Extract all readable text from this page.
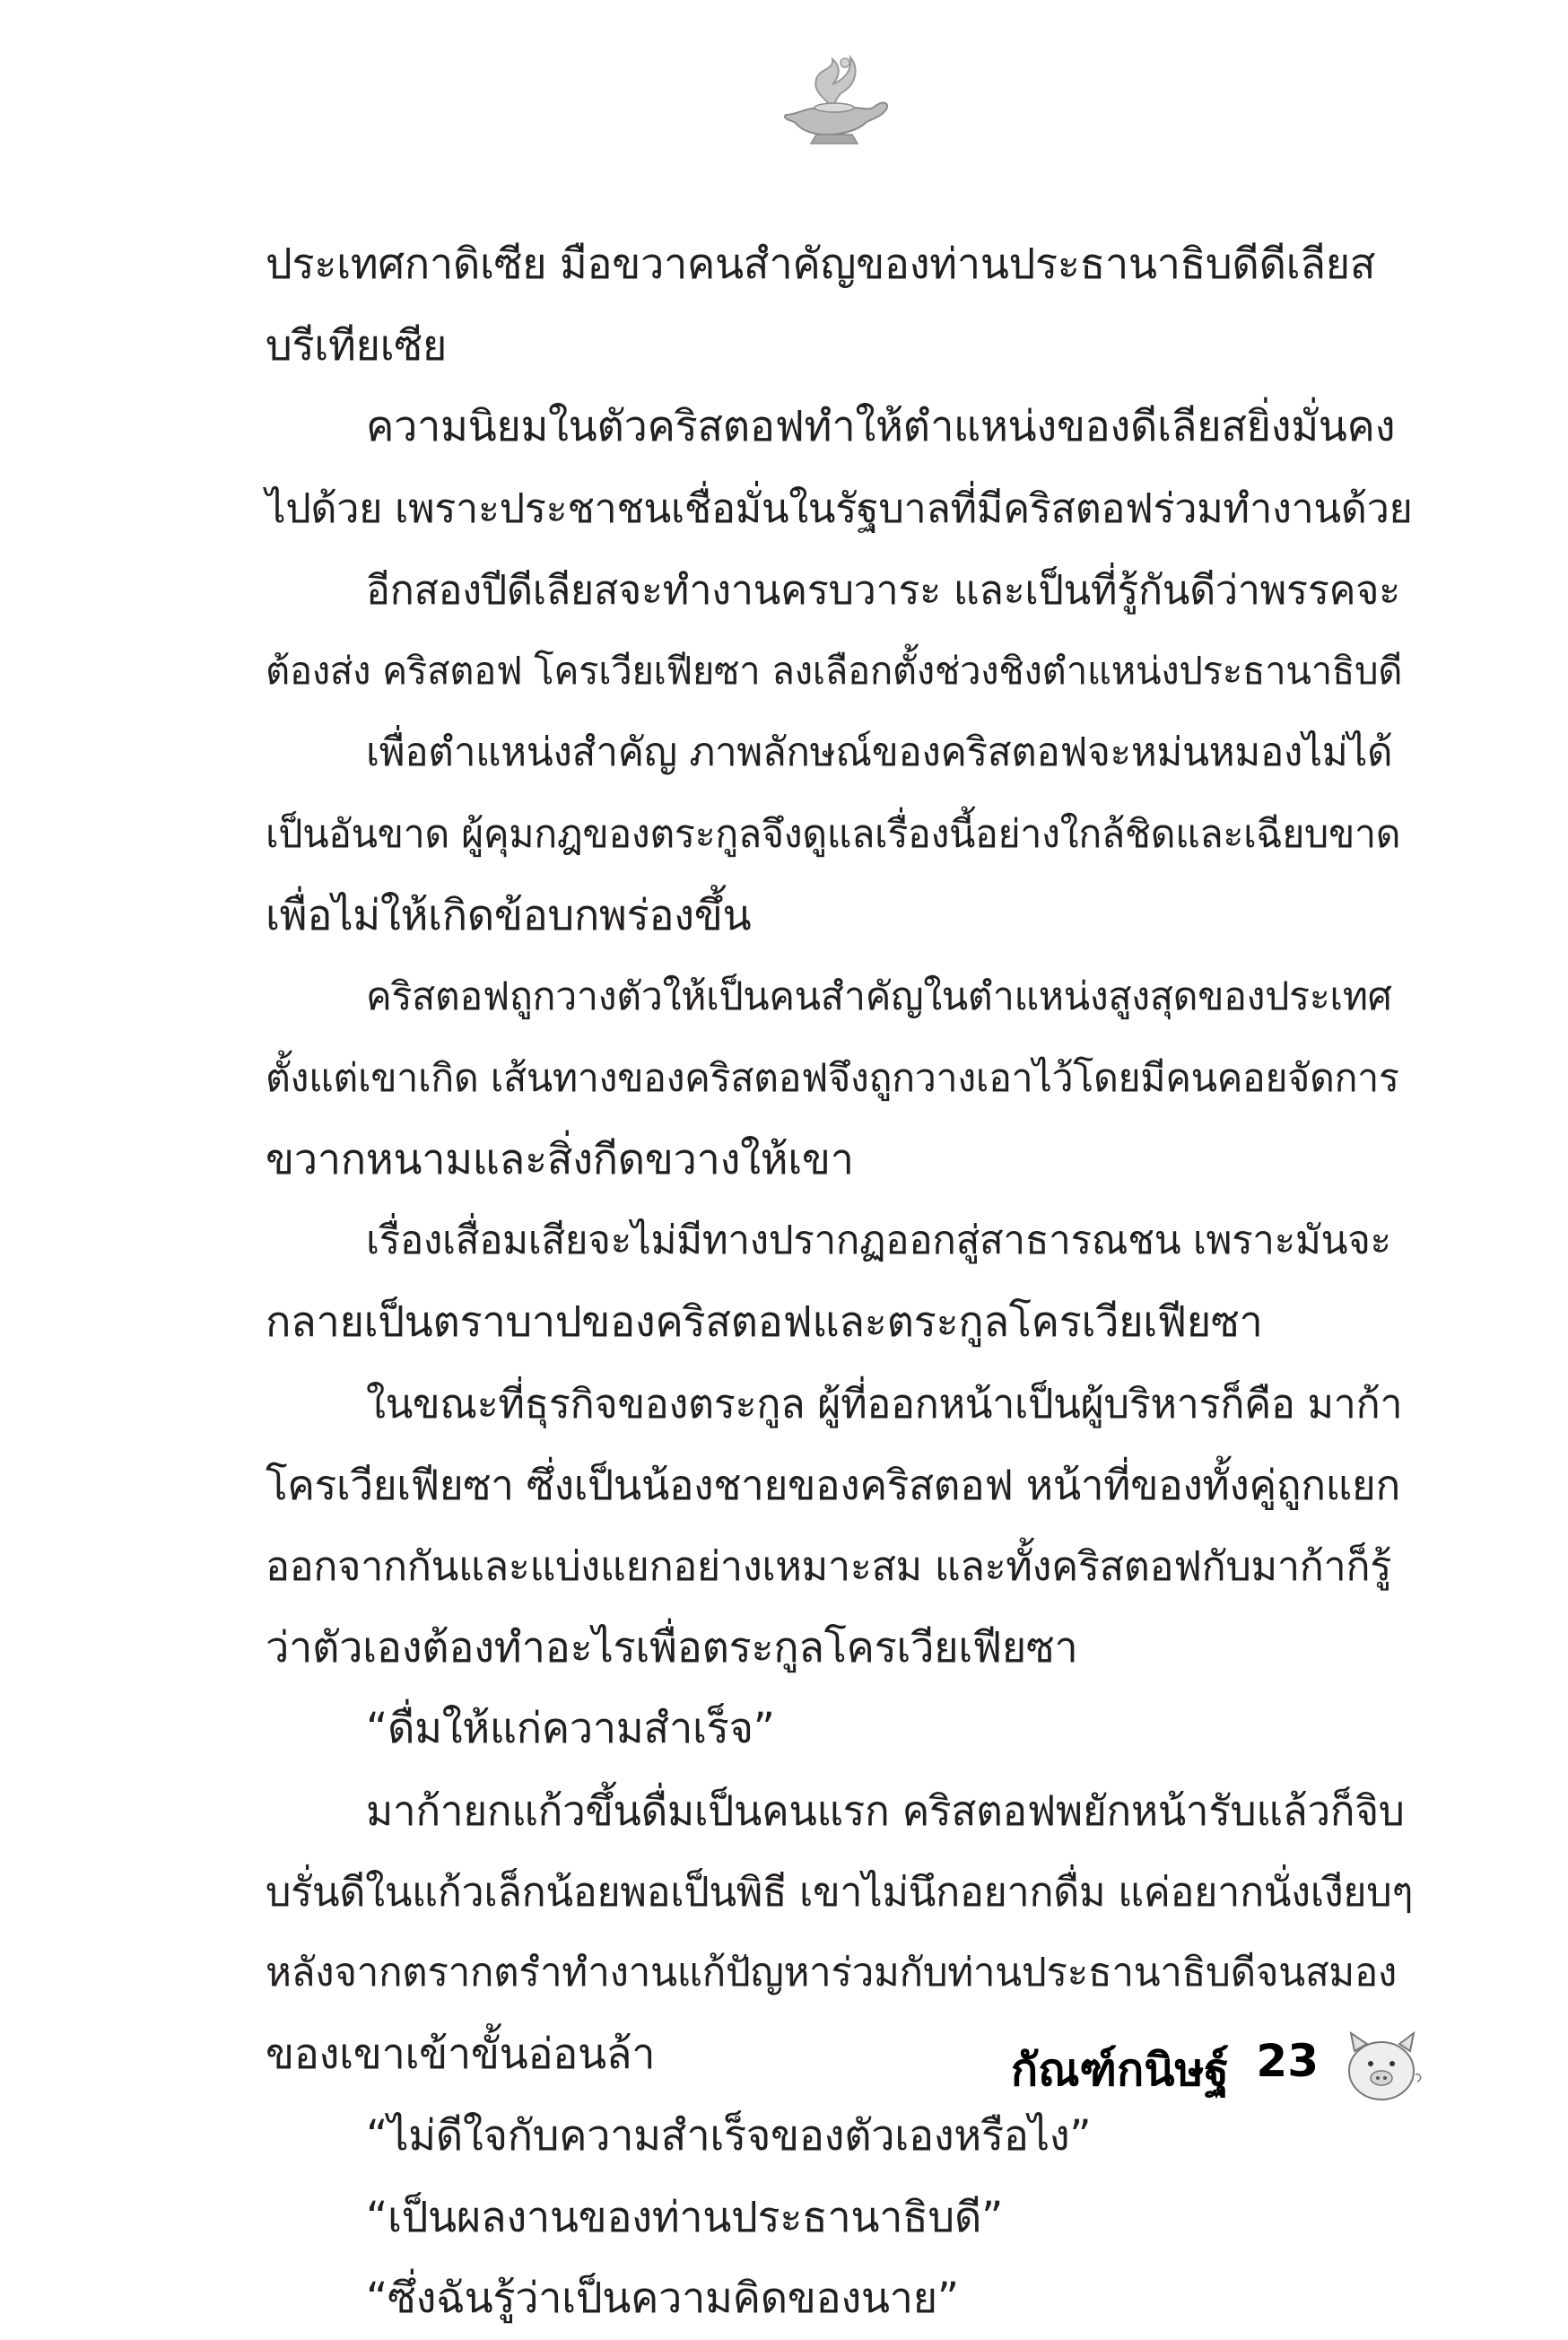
ประเทศกาดิเซีย มือขวาคนสำคัญของท่านประธานาธิบดีดีเลียส
บรีเทียเซีย
ความนิยมในตัวคริสตอฟทำให้ตำแหน่งของดีเลียสยิ่งมั่นคง
ไปด้วย เพราะประชาชนเชื่อมั่นในรัฐบาลที่มีคริสตอฟร่วมทำงานด้วย
อีกสองปีดีเลียสจะทำงานครบวาระ และเป็นที่รู้กันดีว่าพรรคจะ
ต้องส่ง คริสตอฟ โครเวียเฟียซา ลงเลือกตั้งช่วงชิงตำแหน่งประธานาธิบดี
เพื่อตำแหน่งสำคัญ ภาพลักษณ์ของคริสตอฟจะหม่นหมองไม่ได้
เป็นอันขาด ผู้คุมกฎของตระกูลจึงดูแลเรื่องนี้อย่างใกล้ชิดและเฉียบขาด
เพื่อไม่ให้เกิดข้อบกพร่องขึ้น
คริสตอฟถูกวางตัวให้เป็นคนสำคัญในตำแหน่งสูงสุดของประเทศ
ตั้งแต่เขาเกิด เส้นทางของคริสตอฟจึงถูกวางเอาไว้โดยมีคนคอยจัดการ
ขวากหนามและสิ่งกีดขวางให้เขา
เรื่องเสื่อมเสียจะไม่มีทางปรากฏออกสู่สาธารณชน เพราะมันจะ
กลายเป็นตราบาปของคริสตอฟและตระกูลโครเวียเฟียซา
ในขณะที่ธุรกิจของตระกูล ผู้ที่ออกหน้าเป็นผู้บริหารก็คือ มาก้า
โครเวียเฟียซา ซึ่งเป็นน้องชายของคริสตอฟ หน้าที่ของทั้งคู่ถูกแยก
ออกจากกันและแบ่งแยกอย่างเหมาะสม และทั้งคริสตอฟกับมาก้าก็รู้
ว่าตัวเองต้องทำอะไรเพื่อตระกูลโครเวียเฟียซา
“ดื่มให้แก่ความสำเร็จ”
มาก้ายกแก้วขึ้นดื่มเป็นคนแรก คริสตอฟพยักหน้ารับแล้วก็จิบ
บรั่นดีในแก้วเล็กน้อยพอเป็นพิธี เขาไม่นึกอยากดื่ม แค่อยากนั่งเงียบๆ
หลังจากตรากตรำทำงานแก้ปัญหาร่วมกับท่านประธานาธิบดีจนสมอง
ของเขาเข้าขั้นอ่อนล้า
“ไม่ดีใจกับความสำเร็จของตัวเองหรือไง”
“เป็นผลงานของท่านประธานาธิบดี”
“ซึ่งฉันรู้ว่าเป็นความคิดของนาย”
กัณฑ์กนิษฐ์ 23
